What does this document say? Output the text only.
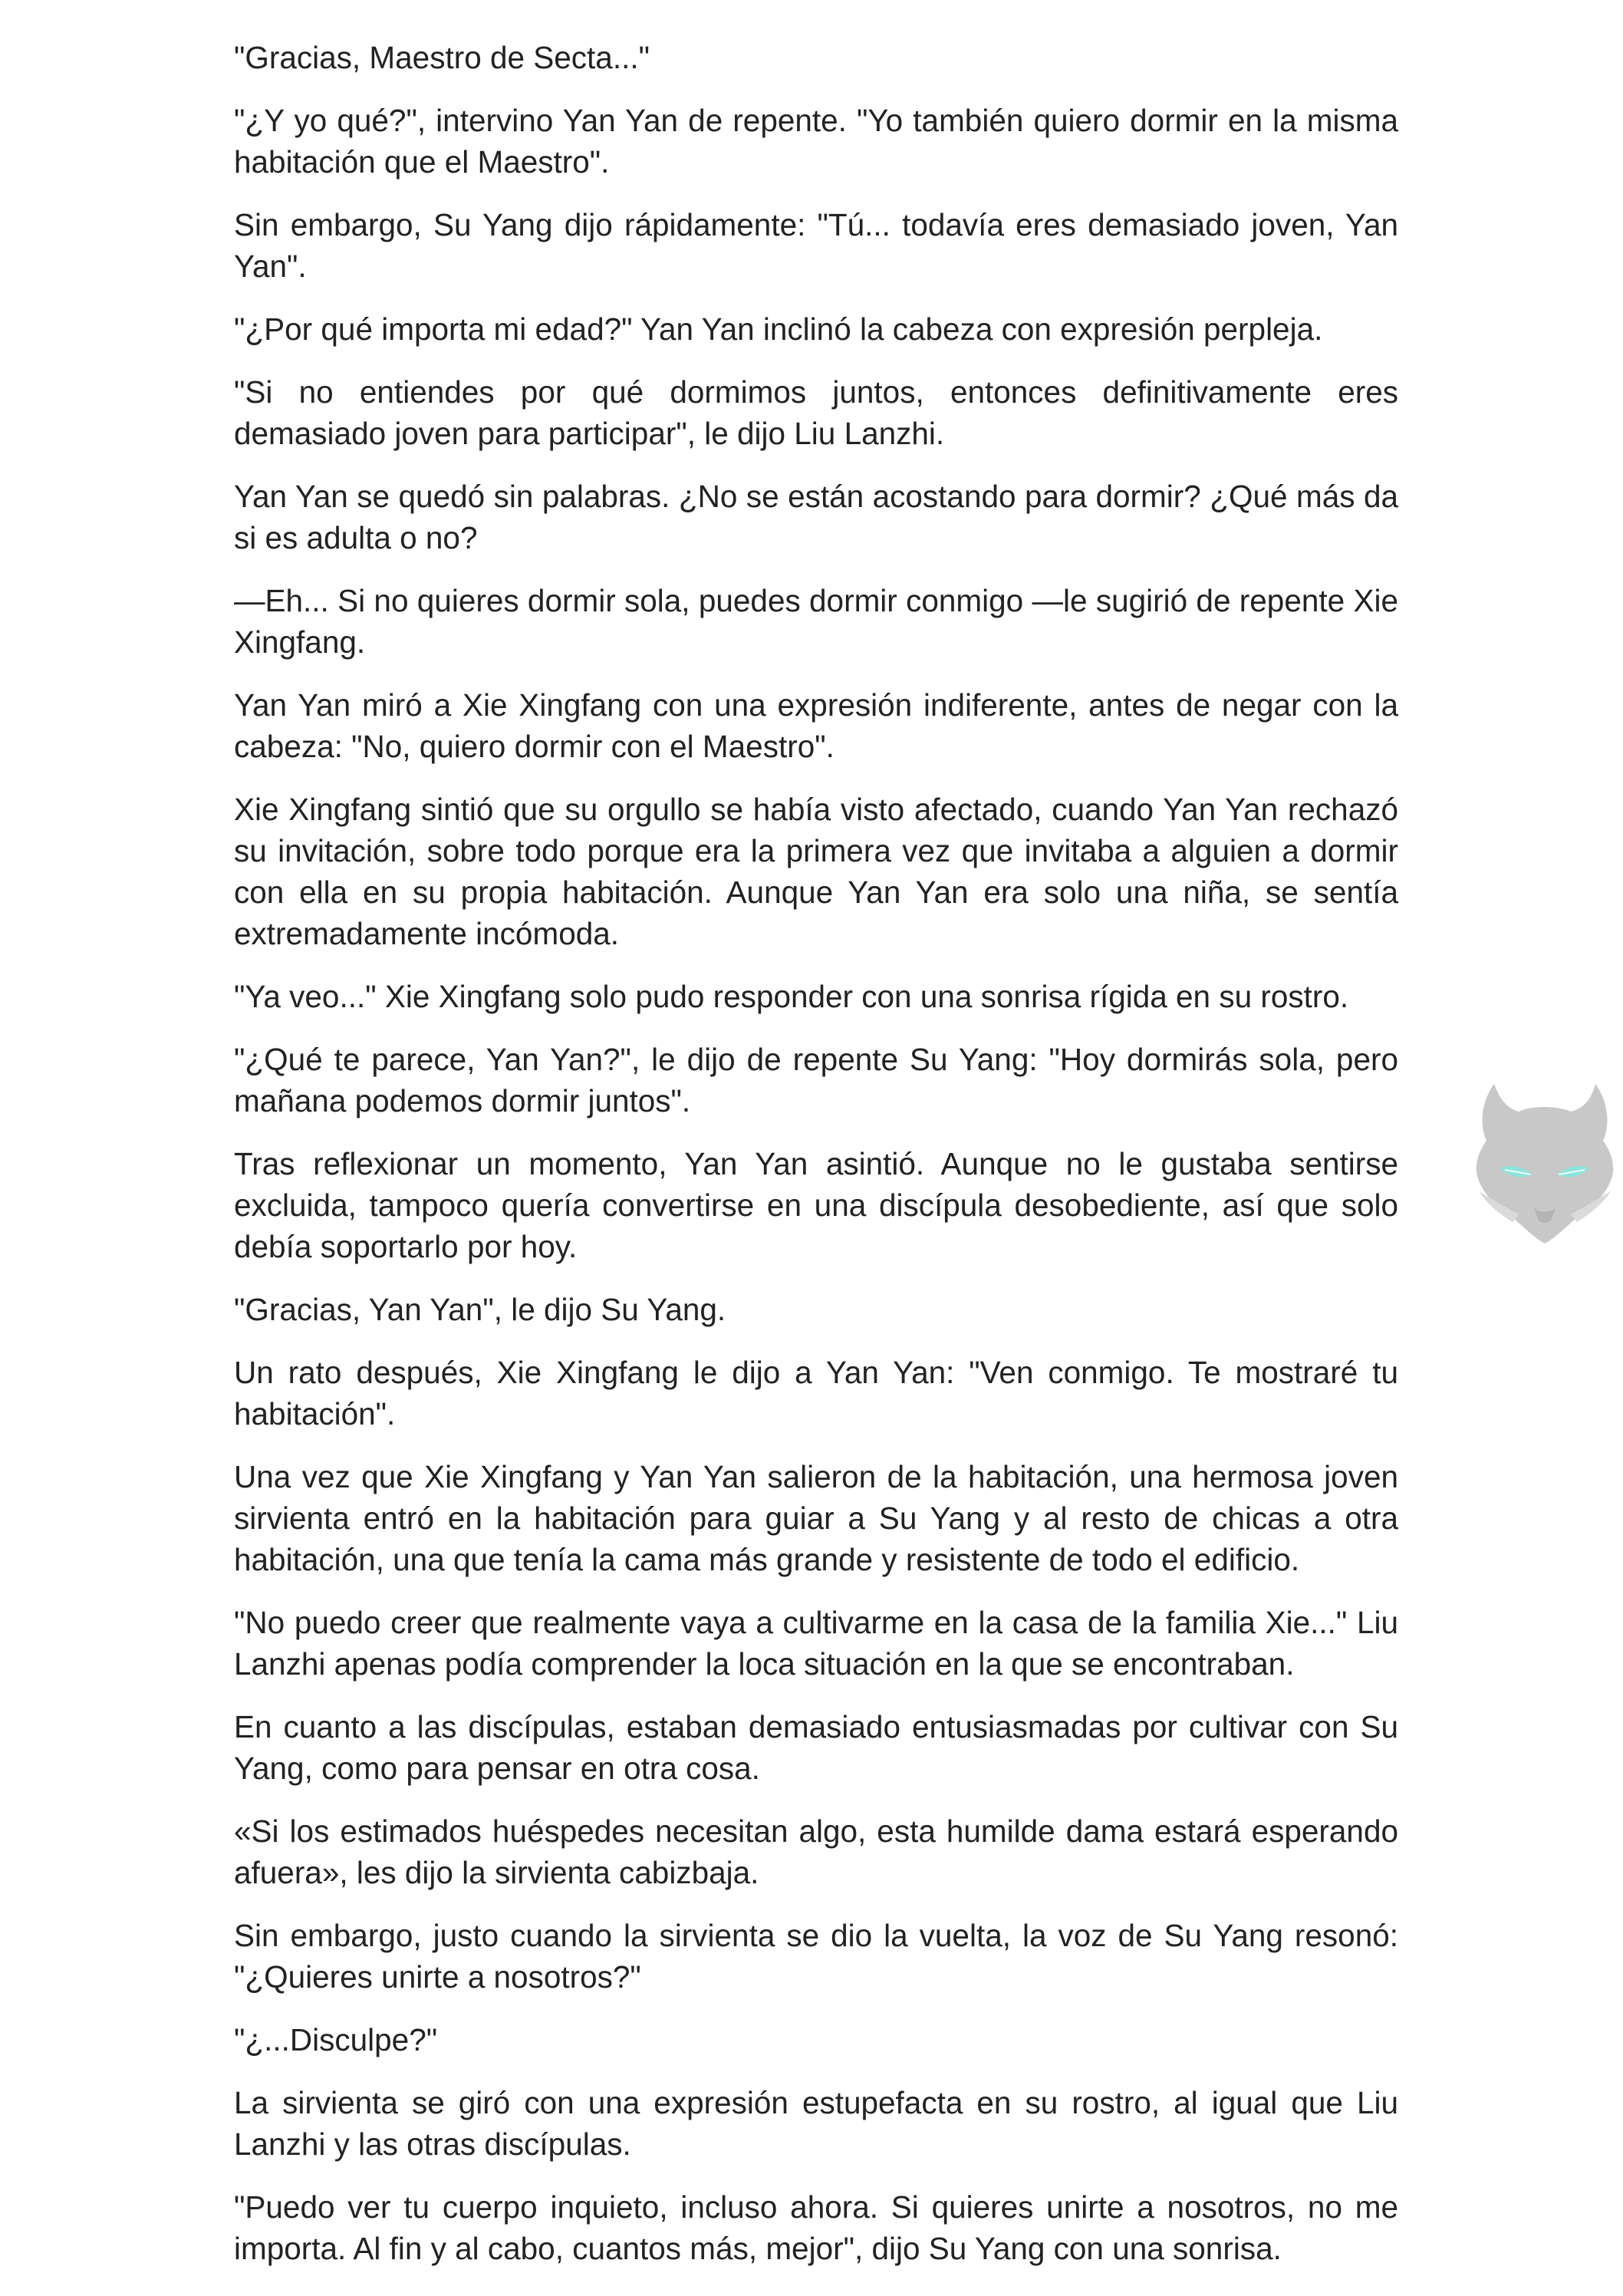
"Gracias, Maestro de Secta..."

"¿Y yo qué?", intervino Yan Yan de repente. "Yo también quiero dormir en la misma habitación que el Maestro".

Sin embargo, Su Yang dijo rápidamente: "Tú... todavía eres demasiado joven, Yan Yan".

"¿Por qué importa mi edad?" Yan Yan inclinó la cabeza con expresión perpleja.

"Si no entiendes por qué dormimos juntos, entonces definitivamente eres demasiado joven para participar", le dijo Liu Lanzhi.

Yan Yan se quedó sin palabras. ¿No se están acostando para dormir? ¿Qué más da si es adulta o no?

—Eh... Si no quieres dormir sola, puedes dormir conmigo —le sugirió de repente Xie Xingfang.

Yan Yan miró a Xie Xingfang con una expresión indiferente, antes de negar con la cabeza: "No, quiero dormir con el Maestro".

Xie Xingfang sintió que su orgullo se había visto afectado, cuando Yan Yan rechazó su invitación, sobre todo porque era la primera vez que invitaba a alguien a dormir con ella en su propia habitación. Aunque Yan Yan era solo una niña, se sentía extremadamente incómoda.

"Ya veo..." Xie Xingfang solo pudo responder con una sonrisa rígida en su rostro.

"¿Qué te parece, Yan Yan?", le dijo de repente Su Yang: "Hoy dormirás sola, pero mañana podemos dormir juntos".

Tras reflexionar un momento, Yan Yan asintió. Aunque no le gustaba sentirse excluida, tampoco quería convertirse en una discípula desobediente, así que solo debía soportarlo por hoy.

"Gracias, Yan Yan", le dijo Su Yang.

Un rato después, Xie Xingfang le dijo a Yan Yan: "Ven conmigo. Te mostraré tu habitación".

Una vez que Xie Xingfang y Yan Yan salieron de la habitación, una hermosa joven sirvienta entró en la habitación para guiar a Su Yang y al resto de chicas a otra habitación, una que tenía la cama más grande y resistente de todo el edificio.

"No puedo creer que realmente vaya a cultivarme en la casa de la familia Xie..." Liu Lanzhi apenas podía comprender la loca situación en la que se encontraban.

En cuanto a las discípulas, estaban demasiado entusiasmadas por cultivar con Su Yang, como para pensar en otra cosa.

«Si los estimados huéspedes necesitan algo, esta humilde dama estará esperando afuera», les dijo la sirvienta cabizbaja.

Sin embargo, justo cuando la sirvienta se dio la vuelta, la voz de Su Yang resonó: "¿Quieres unirte a nosotros?"

"¿...Disculpe?"

La sirvienta se giró con una expresión estupefacta en su rostro, al igual que Liu Lanzhi y las otras discípulas.

"Puedo ver tu cuerpo inquieto, incluso ahora. Si quieres unirte a nosotros, no me importa. Al fin y al cabo, cuantos más, mejor", dijo Su Yang con una sonrisa.
